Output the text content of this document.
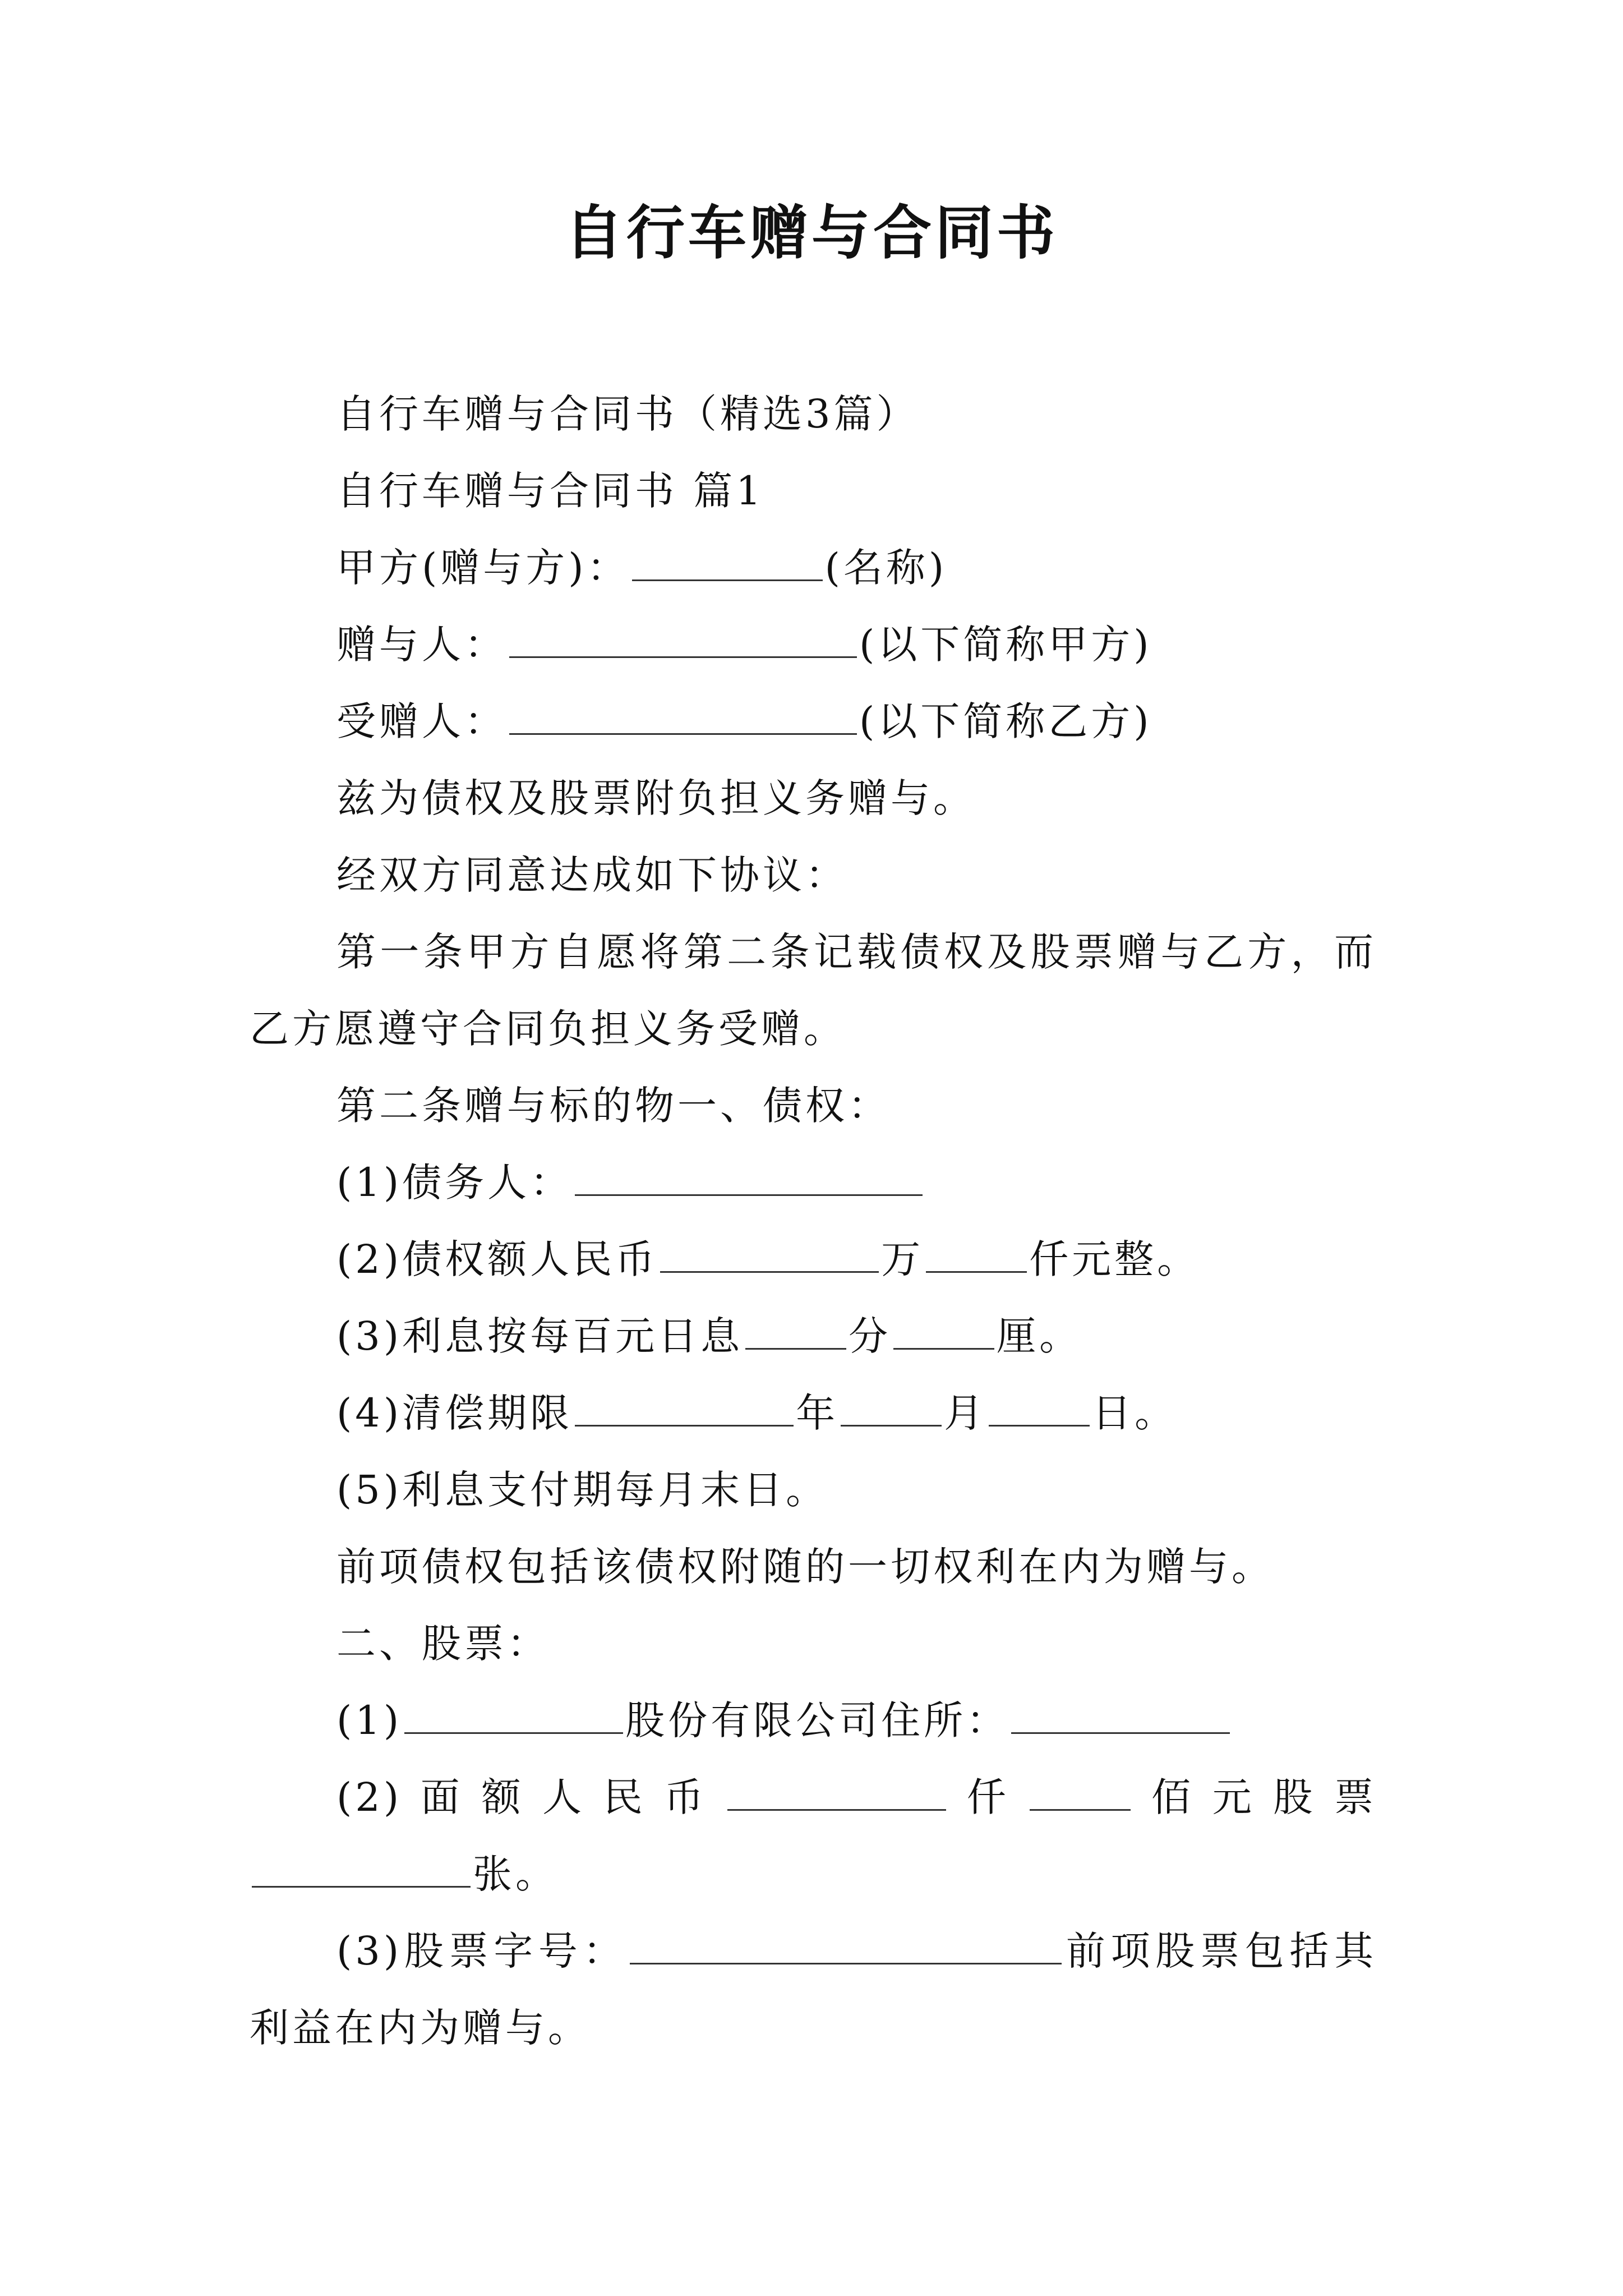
自行车赠与合同书

自行车赠与合同书（精选3篇）

自行车赠与合同书 篇1

甲方(赠与方)：	(名称)

赠与人：	(以下简称甲方)

受赠人：	(以下简称乙方)

兹为债权及股票附负担义务赠与。

经双方同意达成如下协议：

第一条甲方自愿将第二条记载债权及股票赠与乙方，而乙方愿遵守合同负担义务受赠。

第二条赠与标的物一、债权：

(1)债务人：

(2)债权额人民币	万	仟元整。

(3)利息按每百元日息	分	厘。

(4)清偿期限	年	月	日。

(5)利息支付期每月末日。

前项债权包括该债权附随的一切权利在内为赠与。

二、股票：

(1)	股份有限公司住所：

(2)面额人民币	仟	佰元股票张。

(3)股票字号：	前项股票包括其利益在内为赠与。
